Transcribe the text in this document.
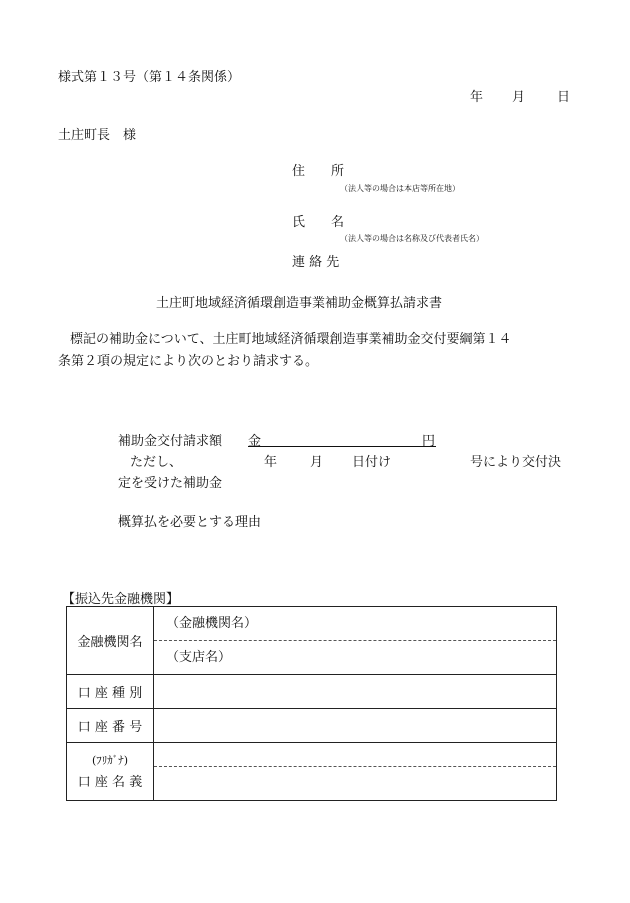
様式第１３号（第１４条関係）
年 月 日
土庄町長　様
住　　所
（法人等の場合は本店等所在地）
氏　　名
（法人等の場合は名称及び代表者氏名）
連 絡 先
土庄町地域経済循環創造事業補助金概算払請求書
標記の補助金について、土庄町地域経済循環創造事業補助金交付要綱第１４
条第２項の規定により次のとおり請求する。
補助金交付請求額 金	円
ただし、	年	月 日付け	号により交付決
定を受けた補助金
概算払を必要とする理由
【振込先金融機関】
金融機関名	（金融機関名）
（支店名）

口 座 種 別	
口 座 番 号	

(ﾌﾘｶﾞﾅ)
口 座 名 義	
